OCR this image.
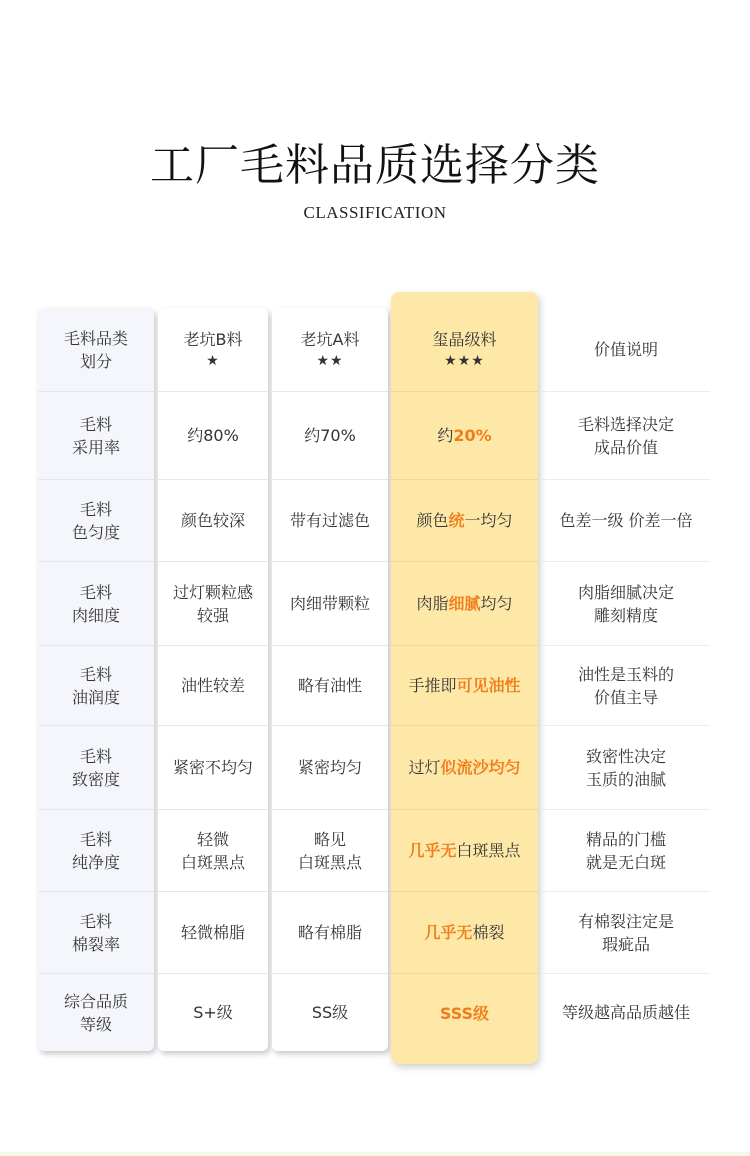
工厂毛料品质选择分类
CLASSIFICATION
毛料品类
划分
毛料
采用率
毛料
色匀度
毛料
肉细度
毛料
油润度
毛料
致密度
毛料
纯净度
毛料
棉裂率
综合品质
等级

老坑B料

★

约80%
颜色较深
过灯颗粒感
较强
油性较差
紧密不均匀
轻微
白斑黑点
轻微棉脂
S+级

老坑A料

★★

约70%
带有过滤色
肉细带颗粒
略有油性
紧密均匀
略见
白斑黑点
略有棉脂
SS级

玺晶级料

★★★

约 20%
颜色 统 一均匀
肉脂 细腻 均匀
手推即 可见油性
过灯 似流沙均匀
几乎无 白斑黑点
几乎无 棉裂
SSS级
价值说明
毛料选择决定
成品价值
色差一级 价差一倍
肉脂细腻决定
雕刻精度
油性是玉料的
价值主导
致密性决定
玉质的油腻
精品的门槛
就是无白斑
有棉裂注定是
瑕疵品
等级越高品质越佳
